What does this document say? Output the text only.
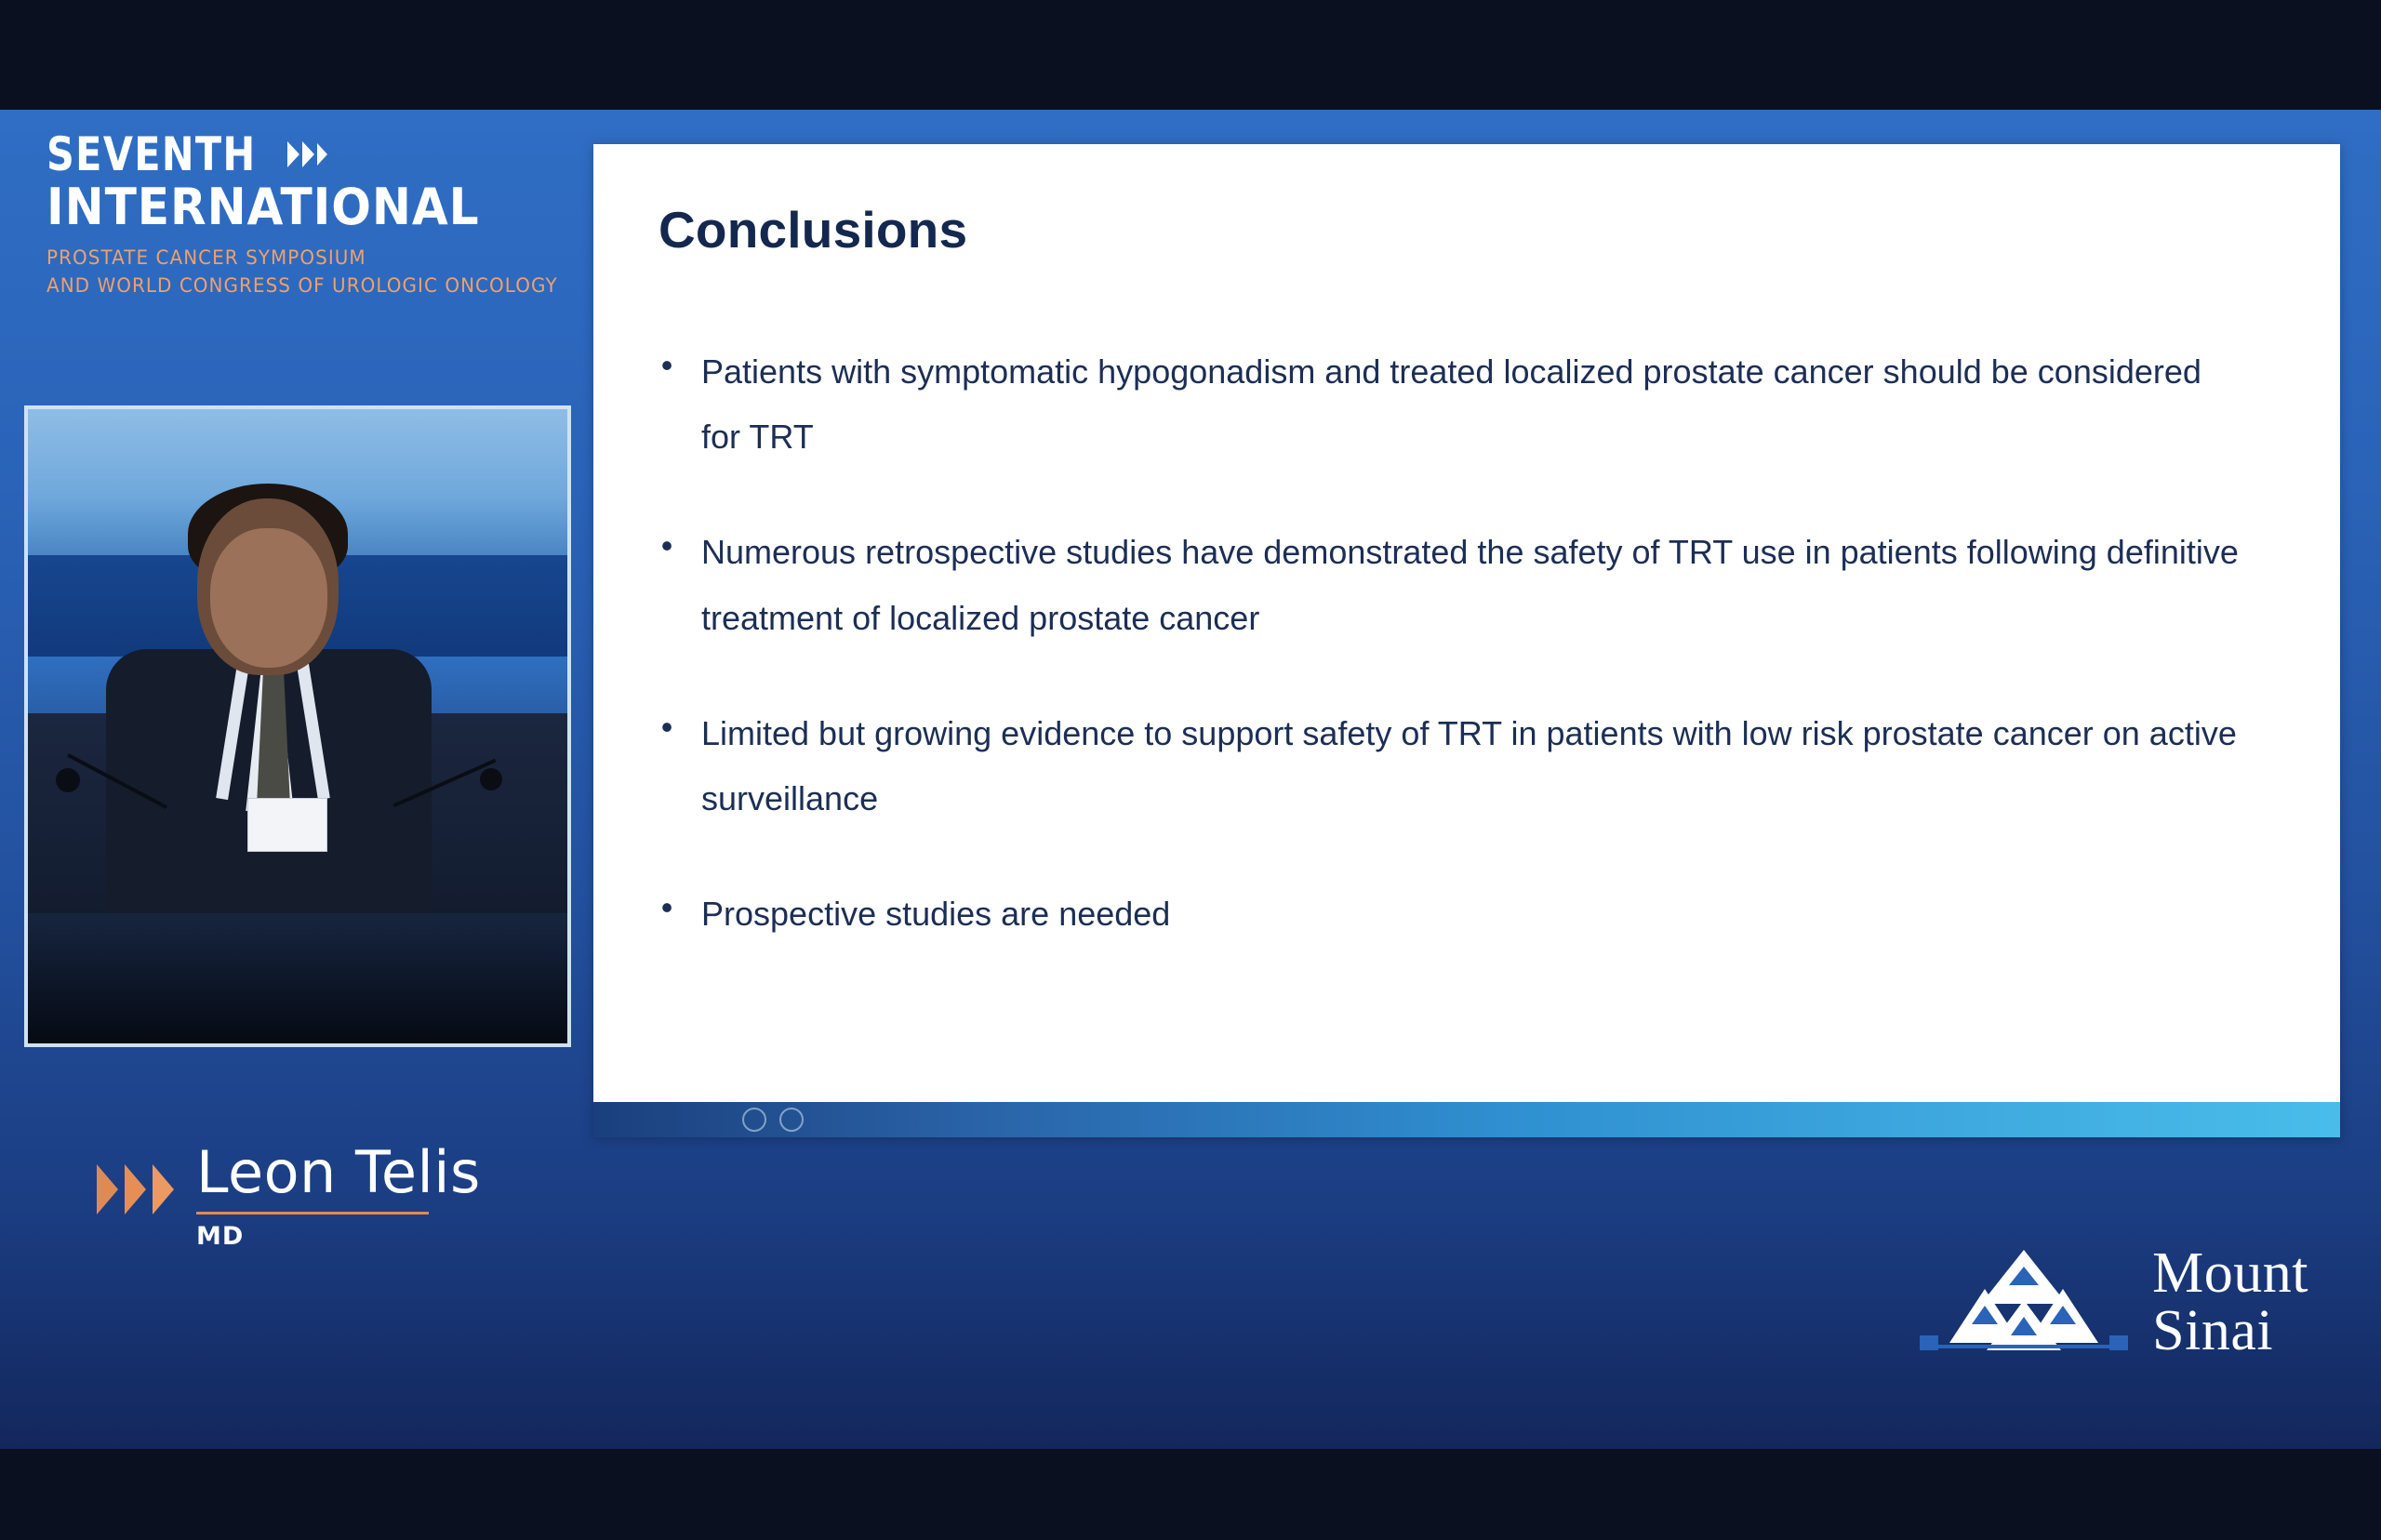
SEVENTH
INTERNATIONAL
PROSTATE CANCER SYMPOSIUM
AND WORLD CONGRESS OF UROLOGIC ONCOLOGY
Leon Telis
MD
Conclusions
• Patients with symptomatic hypogonadism and treated localized prostate cancer should be considered for TRT
• Numerous retrospective studies have demonstrated the safety of TRT use in patients following definitive treatment of localized prostate cancer
• Limited but growing evidence to support safety of TRT in patients with low risk prostate cancer on active surveillance
• Prospective studies are needed
Mount
Sinai
